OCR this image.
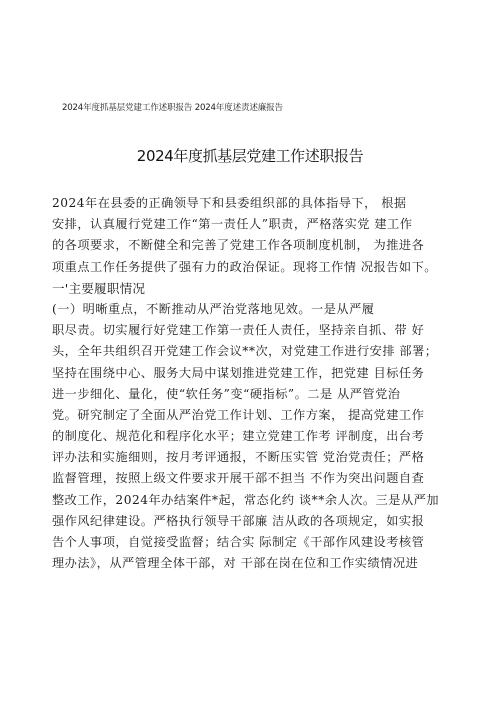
2024年度抓基层党建工作述职报告 2024年度述责述廉报告
2024年度抓基层党建工作述职报告
2024年在县委的正确领导下和县委组织部的具体指导下， 根据
安排，认真履行党建工作“第一责任人”职责，严格落实党 建工作
的各项要求，不断健全和完善了党建工作各项制度机制， 为推进各
项重点工作任务提供了强有力的政治保证。现将工作情 况报告如下。
一'主要履职情况
(一）明晰重点，不断推动从严治党落地见效。一是从严履
职尽责。切实履行好党建工作第一责任人责任，坚持亲自抓、带 好
头，全年共组织召开党建工作会议**次，对党建工作进行安排 部署；
坚持在围绕中心、服务大局中谋划推进党建工作，把党建 目标任务
进一步细化、量化，使“软任务”变“硬指标”。二是 从严管党治
党。研究制定了全面从严治党工作计划、工作方案， 提高党建工作
的制度化、规范化和程序化水平；建立党建工作考 评制度，出台考
评办法和实施细则，按月考评通报，不断压实管 党治党责任；严格
监督管理，按照上级文件要求开展干部不担当 不作为突出问题自查
整改工作，2024年办结案件*起，常态化约 谈**余人次。三是从严加
强作风纪律建设。严格执行领导干部廉 洁从政的各项规定，如实报
告个人事项，自觉接受监督；结合实 际制定《干部作风建设考核管
理办法》，从严管理全体干部，对 干部在岗在位和工作实绩情况进
